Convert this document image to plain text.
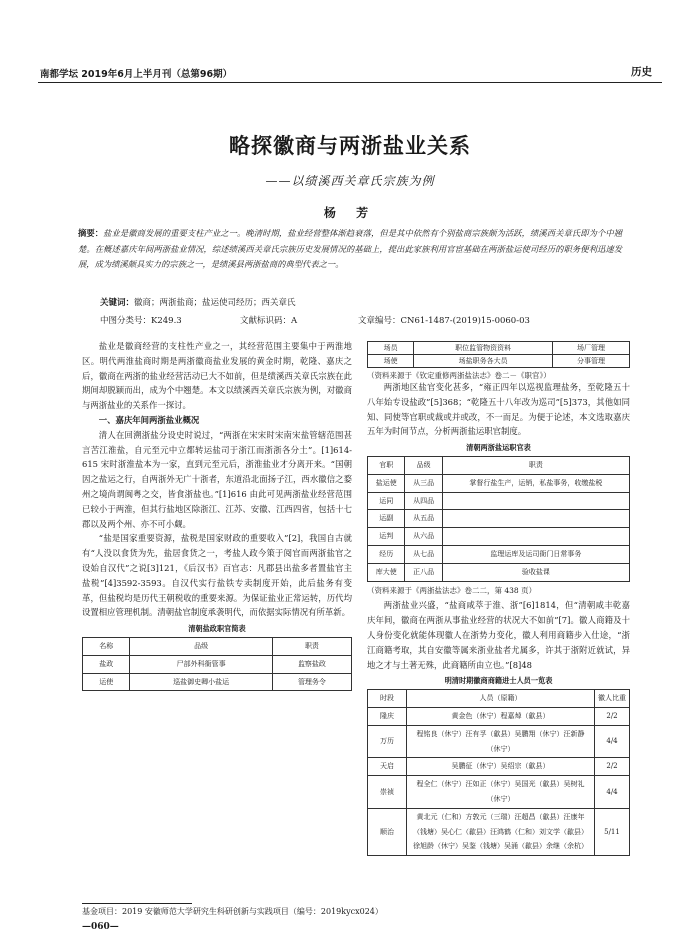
南都学坛 2019年6月上半月刊（总第96期）	历史
略探徽商与两浙盐业关系
——以绩溪西关章氏宗族为例
杨 芳
摘要：盐业是徽商发展的重要支柱产业之一。晚清时期，盐业经营整体渐趋衰落，但是其中依然有个别盐商宗族颇为活跃，绩溪西关章氏即为个中翘楚。在概述嘉庆年间两浙盐业情况，综述绩溪西关章氏宗族历史发展情况的基础上，提出此家族利用官宦基础在两浙盐运使司经历的职务便利迅速发展，成为绩溪颇具实力的宗族之一，是绩溪县两浙盐商的典型代表之一。
关键词：徽商；两浙盐商；盐运使司经历；西关章氏
中图分类号：K249.3	文献标识码：A	文章编号：CN61-1487-(2019)15-0060-03

盐业是徽商经营的支柱性产业之一，其经营范围主要集中于两淮地区。明代两淮盐商时期是两浙徽商盐业发展的黄金时期，乾隆、嘉庆之后，徽商在两浙的盐业经营活动已大不如前，但是绩溪西关章氏宗族在此期间却脱颖而出，成为个中翘楚。本文以绩溪西关章氏宗族为例，对徽商与两浙盐业的关系作一探讨。

一、嘉庆年间两浙盐业概况

清人在回溯浙盐分设史时说过，“两浙在宋宋时宋南宋盐管辖范围甚言苦江淮盐，自元至元中立都转运盐司于浙江而浙浙各分土”。[1]614-615 宋时浙淮盐本为一家，直到元至元后，浙淮盐业才分离开来。“国朝因之盐运之行，自两浙外无广十浙者，东道沿北面扬子江，西水徽信之婺州之境尚谓闽粤之交，皆食浙盐也。”[1]616 由此可见两浙盐业经营范围已较小于两淮，但其行盐地区除浙江、江苏、安徽、江西四省，包括十七郡以及两个州、亦不可小觑。

“盐是国家重要资源，盐税是国家财政的重要收入”[2]，我国自古就有“人没以食货为先，盐居食货之一，考盐人政今策于阅官而两浙盐官之设始自汉代”之说[3]121，《后汉书》百官志：凡郡县出盐多者置盐官主盐税”[4]3592-3593。自汉代实行盐铁专卖制度开始，此后盐务有变革，但盐税均是历代王朝税收的重要来源。为保证盐业正常运转，历代均设置相应管理机制。清朝盐官制度承袭明代，而依据实际情况有所革新。

清朝盐政职官简表
名称	品级	职责
盐政	尸部外科衙管事	监察盐政
运使	巡盐御史卿小盐运	管理务令
场员	职位监管物资资料	场厂管理
场使	场盐职务各大员	分事管理
（资料来源于《钦定重修两浙盐法志》卷二－《职官》）

两浙地区盐官变化甚多，“雍正四年以巡视监理盐务，至乾隆五十八年始专设盐政”[5]368；“乾隆五十八年改为巡司”[5]373，其他如同知、同使等官职或裁或并或改，不一而足。为便于论述，本文选取嘉庆五年为时间节点，分析两浙盐运职官制度。

清朝两浙盐运职官表
官职	品级	职责
盐运使	从三品	掌督行盐生产，运销，私盐事务，收缴盐税
运同	从四品	
运副	从五品	
运判	从六品	
经历	从七品	监理运库及运司衙门日常事务
库大使	正八品	验收盐课
（资料来源于《两浙盐法志》卷二二，第 438 页）

两浙盐业兴盛，“盐商咸萃于淮、浙”[6]1814，但“清朝咸丰乾嘉庆年间，徽商在两浙从事盐业经营的状况大不如前”[7]。徽人商籍及十人身份变化就能体现徽人在浙势力变化，徽人利用商籍步入仕途，“浙江商籍考取，其自安徽等属来浙业盐者尤属多，许其于浙附近就试，异地之才与土著无殊，此商籍所由立也。”[8]48

明清时期徽商商籍进士人员一览表
时段	人员（原籍）	徽人比重
隆庆	黄金色（休宁）程嘉焯（歙县）	2/2
万历	程铭良（休宁）汪有孚（歙县）吴鹏翔（休宁）汪新静（休宁）	4/4
天启	吴鹏征（休宁）吴绍宗（歙县）	2/2
崇祯	程全仁（休宁）汪如正（休宁）吴国光（歙县）吴树礼（休宁）	4/4
顺治	黄北元（仁和）方敦元（三瑞）汪超昌（歙县）汪康年（钱塘）吴心仁（歙县）汪鸿鹤（仁和）刘文学（歙县）徐旭龄（休宁）吴鉴（钱塘）吴涌（歙县）余继（余杭）	5/11
基金项目：2019 安徽师范大学研究生科研创新与实践项目（编号：2019kycx024）
—060—
